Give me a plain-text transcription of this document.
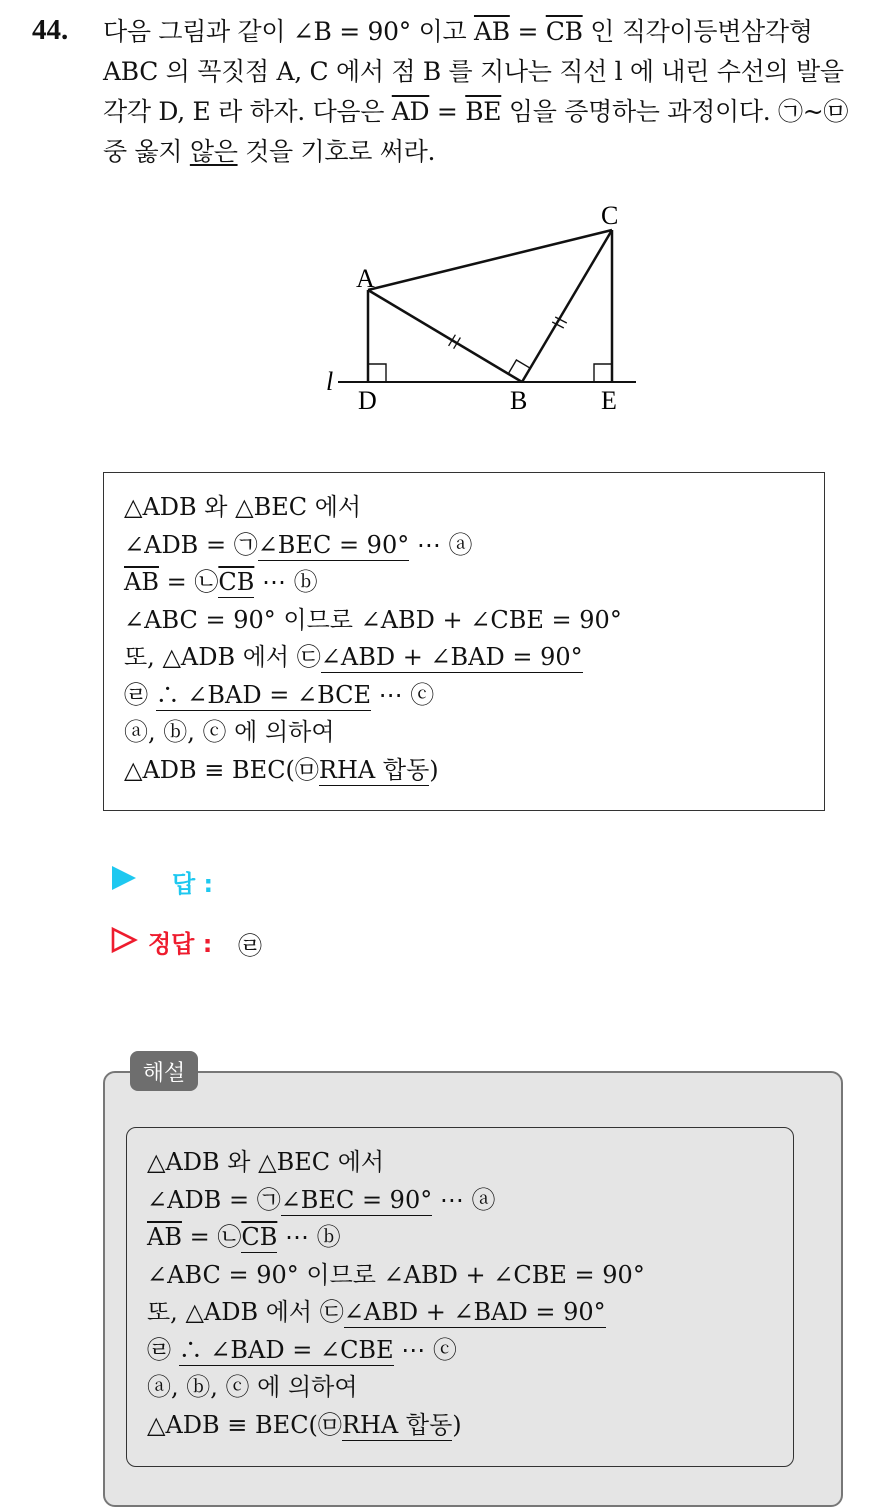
44. 다음 그림과 같이 ∠B = 90° 이고 $\overline{AB} = \overline{CB}$ 인 직각이등변삼각형
ABC 의 꼭짓점 A, C 에서 점 B 를 지나는 직선 l 에 내린 수선의 발을
각각 D, E 라 하자. 다음은 $\overline{AD} = \overline{BE}$ 임을 증명하는 과정이다. ㉠~㉤
중 옳지 않은 것을 기호로 써라.
A
C
D	B	E
l
△ADB 와 △BEC 에서
∠ADB = ㉠∠BEC = 90° ⋯ ⓐ
$\overline{AB}$ = $㉡\overline{CB}$ ⋯ ⓑ
∠ABC = 90° 이므로 ∠ABD + ∠CBE = 90°
또, △ADB 에서 ㉢∠ABD + ∠BAD = 90°
㉣ ∴ ∠BAD = ∠BCE ⋯ ⓒ
ⓐ, ⓑ, ⓒ 에 의하여
△ADB ≡ BEC(㉤RHA 합동)
답 :
정답 : ㉣
해설
△ADB 와 △BEC 에서
∠ADB = ㉠∠BEC = 90° ⋯ ⓐ
$\overline{AB}$ = $㉡\overline{CB}$ ⋯ ⓑ
∠ABC = 90° 이므로 ∠ABD + ∠CBE = 90°
또, △ADB 에서 ㉢∠ABD + ∠BAD = 90°
㉣ ∴ ∠BAD = ∠CBE ⋯ ⓒ
ⓐ, ⓑ, ⓒ 에 의하여
△ADB ≡ BEC(㉤RHA 합동)
